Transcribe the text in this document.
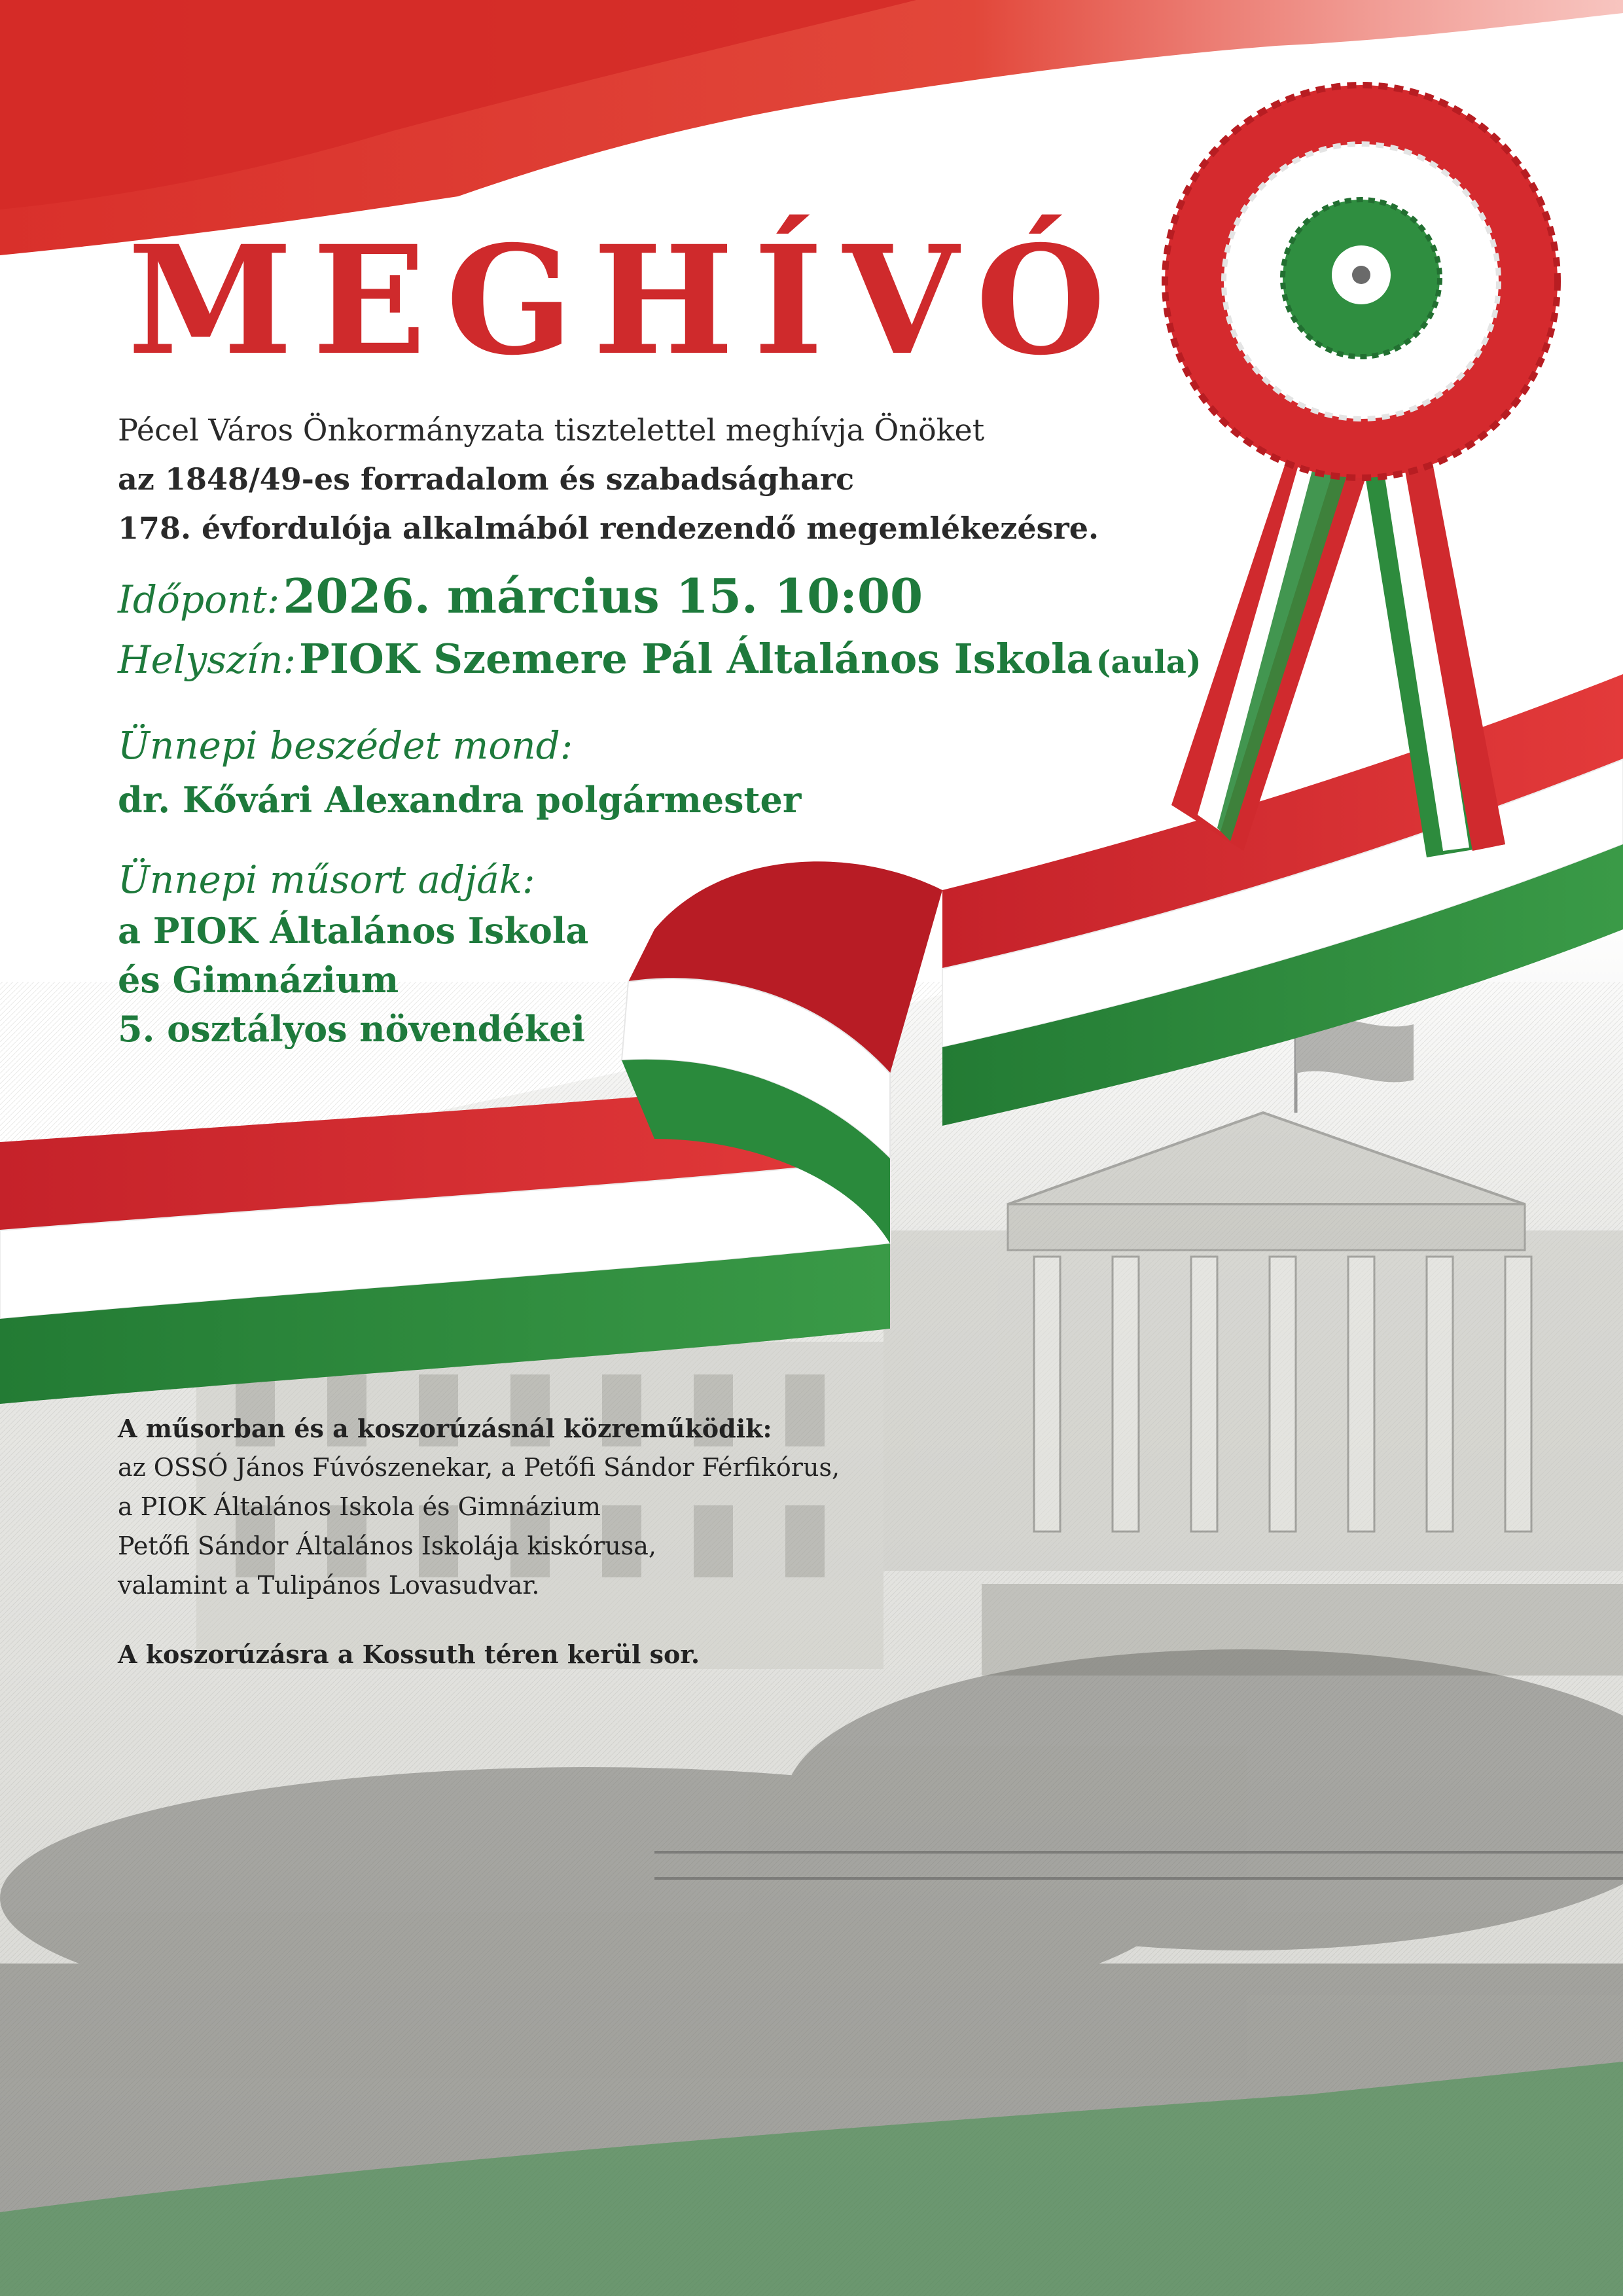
MEGHÍVÓ
Pécel Város Önkormányzata tisztelettel meghívja Önöket
az 1848/49-es forradalom és szabadságharc
178. évfordulója alkalmából rendezendő megemlékezésre.
Időpont: 2026. március 15. 10:00
Helyszín: PIOK Szemere Pál Általános Iskola (aula)
Ünnepi beszédet mond:
dr. Kővári Alexandra polgármester
Ünnepi műsort adják:
a PIOK Általános Iskola
és Gimnázium
5. osztályos növendékei
A műsorban és a koszorúzásnál közreműködik:
az OSSÓ János Fúvószenekar, a Petőfi Sándor Férfikórus,
a PIOK Általános Iskola és Gimnázium
Petőfi Sándor Általános Iskolája kiskórusa,
valamint a Tulipános Lovasudvar.
A koszorúzásra a Kossuth téren kerül sor.
